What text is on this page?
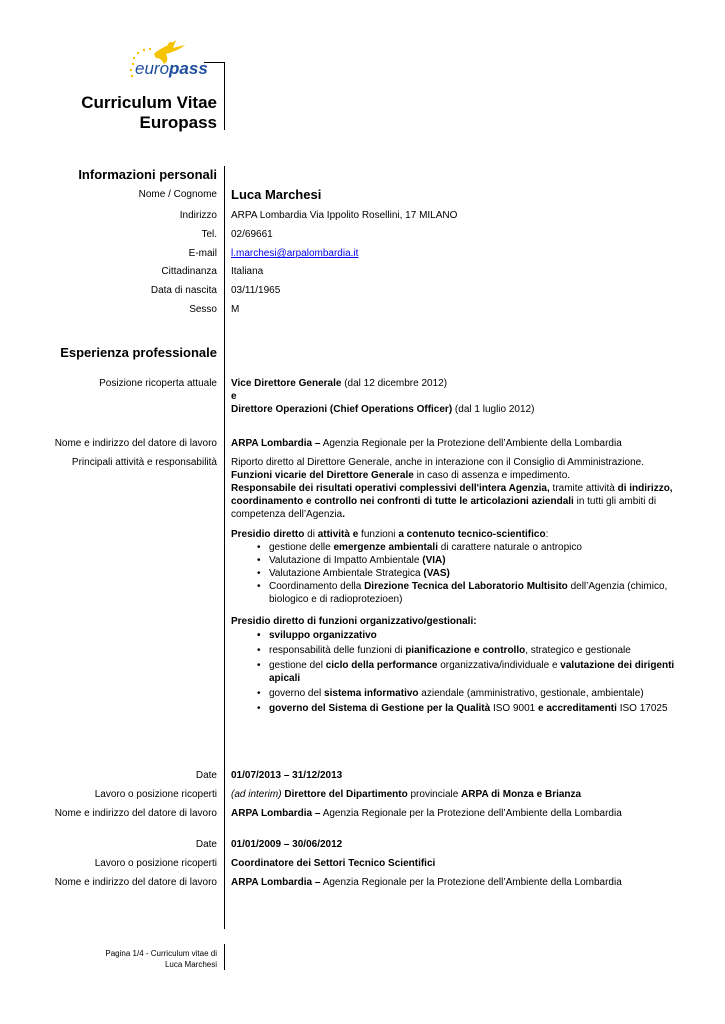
europass
Curriculum Vitae
Europass
Informazioni personali
Nome / Cognome Luca Marchesi
Indirizzo ARPA Lombardia Via Ippolito Rosellini, 17 MILANO
Tel. 02/69661
E-mail l.marchesi@arpalombardia.it
Cittadinanza Italiana
Data di nascita 03/11/1965
Sesso M
Esperienza professionale
Posizione ricoperta attuale Vice Direttore Generale (dal 12 dicembre 2012)
e
Direttore Operazioni (Chief Operations Officer) (dal 1 luglio 2012)
Nome e indirizzo del datore di lavoro ARPA Lombardia – Agenzia Regionale per la Protezione dell’Ambiente della Lombardia
Principali attività e responsabilità Riporto diretto al Direttore Generale, anche in interazione con il Consiglio di Amministrazione.
Funzioni vicarie del Direttore Generale in caso di assenza e impedimento.
Responsabile dei risultati operativi complessivi dell'intera Agenzia, tramite attività di indirizzo, coordinamento e controllo nei confronti di tutte le articolazioni aziendali in tutti gli ambiti di competenza dell’Agenzia.
Presidio diretto di attività e funzioni a contenuto tecnico-scientifico:
• gestione delle emergenze ambientali di carattere naturale o antropico
• Valutazione di Impatto Ambientale (VIA)
• Valutazione Ambientale Strategica (VAS)
• Coordinamento della Direzione Tecnica del Laboratorio Multisito dell’Agenzia (chimico, biologico e di radioprotezioen)
Presidio diretto di funzioni organizzativo/gestionali:
• sviluppo organizzativo
• responsabilità delle funzioni di pianificazione e controllo, strategico e gestionale
• gestione del ciclo della performance organizzativa/individuale e valutazione dei dirigenti apicali
• governo del sistema informativo aziendale (amministrativo, gestionale, ambientale)
• governo del Sistema di Gestione per la Qualità ISO 9001 e accreditamenti ISO 17025
Date 01/07/2013 – 31/12/2013
Lavoro o posizione ricoperti (ad interim) Direttore del Dipartimento provinciale ARPA di Monza e Brianza
Nome e indirizzo del datore di lavoro ARPA Lombardia – Agenzia Regionale per la Protezione dell’Ambiente della Lombardia
Date 01/01/2009 – 30/06/2012
Lavoro o posizione ricoperti Coordinatore dei Settori Tecnico Scientifici
Nome e indirizzo del datore di lavoro ARPA Lombardia – Agenzia Regionale per la Protezione dell’Ambiente della Lombardia
Pagina 1/4 - Curriculum vitae di
Luca Marchesi
